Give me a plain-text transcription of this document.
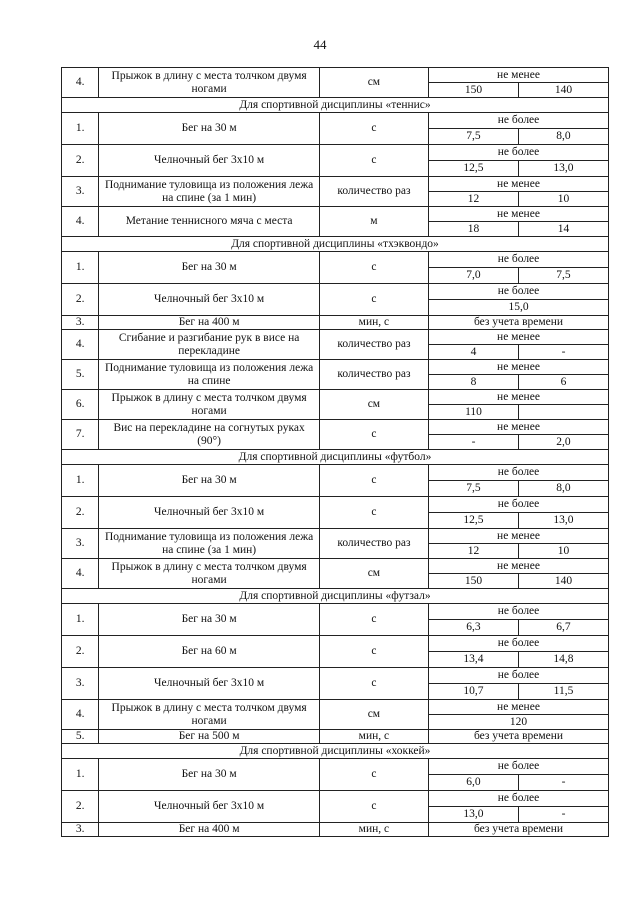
44

4.	Прыжок в длину с места толчком двумя ногами	см	не менее	
			150	140
Для спортивной дисциплины «теннис»				
1.	Бег на 30 м	с	не более	
			7,5	8,0
2.	Челночный бег 3x10 м	с	не более	
			12,5	13,0
3.	Поднимание туловища из положения лежа на спине (за 1 мин)	количество раз	не менее	
			12	10
4.	Метание теннисного мяча с места	м	не менее	
			18	14
Для спортивной дисциплины «тхэквондо»				
1.	Бег на 30 м	с	не более	
			7,0	7,5
2.	Челночный бег 3x10 м	с	не более	
			15,0	
3.	Бег на 400 м	мин, с	без учета времени	
4.	Сгибание и разгибание рук в висе на перекладине	количество раз	не менее	
			4	-
5.	Поднимание туловища из положения лежа на спине	количество раз	не менее	
			8	6
6.	Прыжок в длину с места толчком двумя ногами	см	не менее	
			110	
7.	Вис на перекладине на согнутых руках (90°)	с	не менее	
			-	2,0
Для спортивной дисциплины «футбол»				
1.	Бег на 30 м	с	не более	
			7,5	8,0
2.	Челночный бег 3x10 м	с	не более	
			12,5	13,0
3.	Поднимание туловища из положения лежа на спине (за 1 мин)	количество раз	не менее	
			12	10
4.	Прыжок в длину с места толчком двумя ногами	см	не менее	
			150	140
Для спортивной дисциплины «футзал»				
1.	Бег на 30 м	с	не более	
			6,3	6,7
2.	Бег на 60 м	с	не более	
			13,4	14,8
3.	Челночный бег 3x10 м	с	не более	
			10,7	11,5
4.	Прыжок в длину с места толчком двумя ногами	см	не менее	
			120	
5.	Бег на 500 м	мин, с	без учета времени	
Для спортивной дисциплины «хоккей»				
1.	Бег на 30 м	с	не более	
			6,0	-
2.	Челночный бег 3x10 м	с	не более	
			13,0	-
3.	Бег на 400 м	мин, с	без учета времени	
